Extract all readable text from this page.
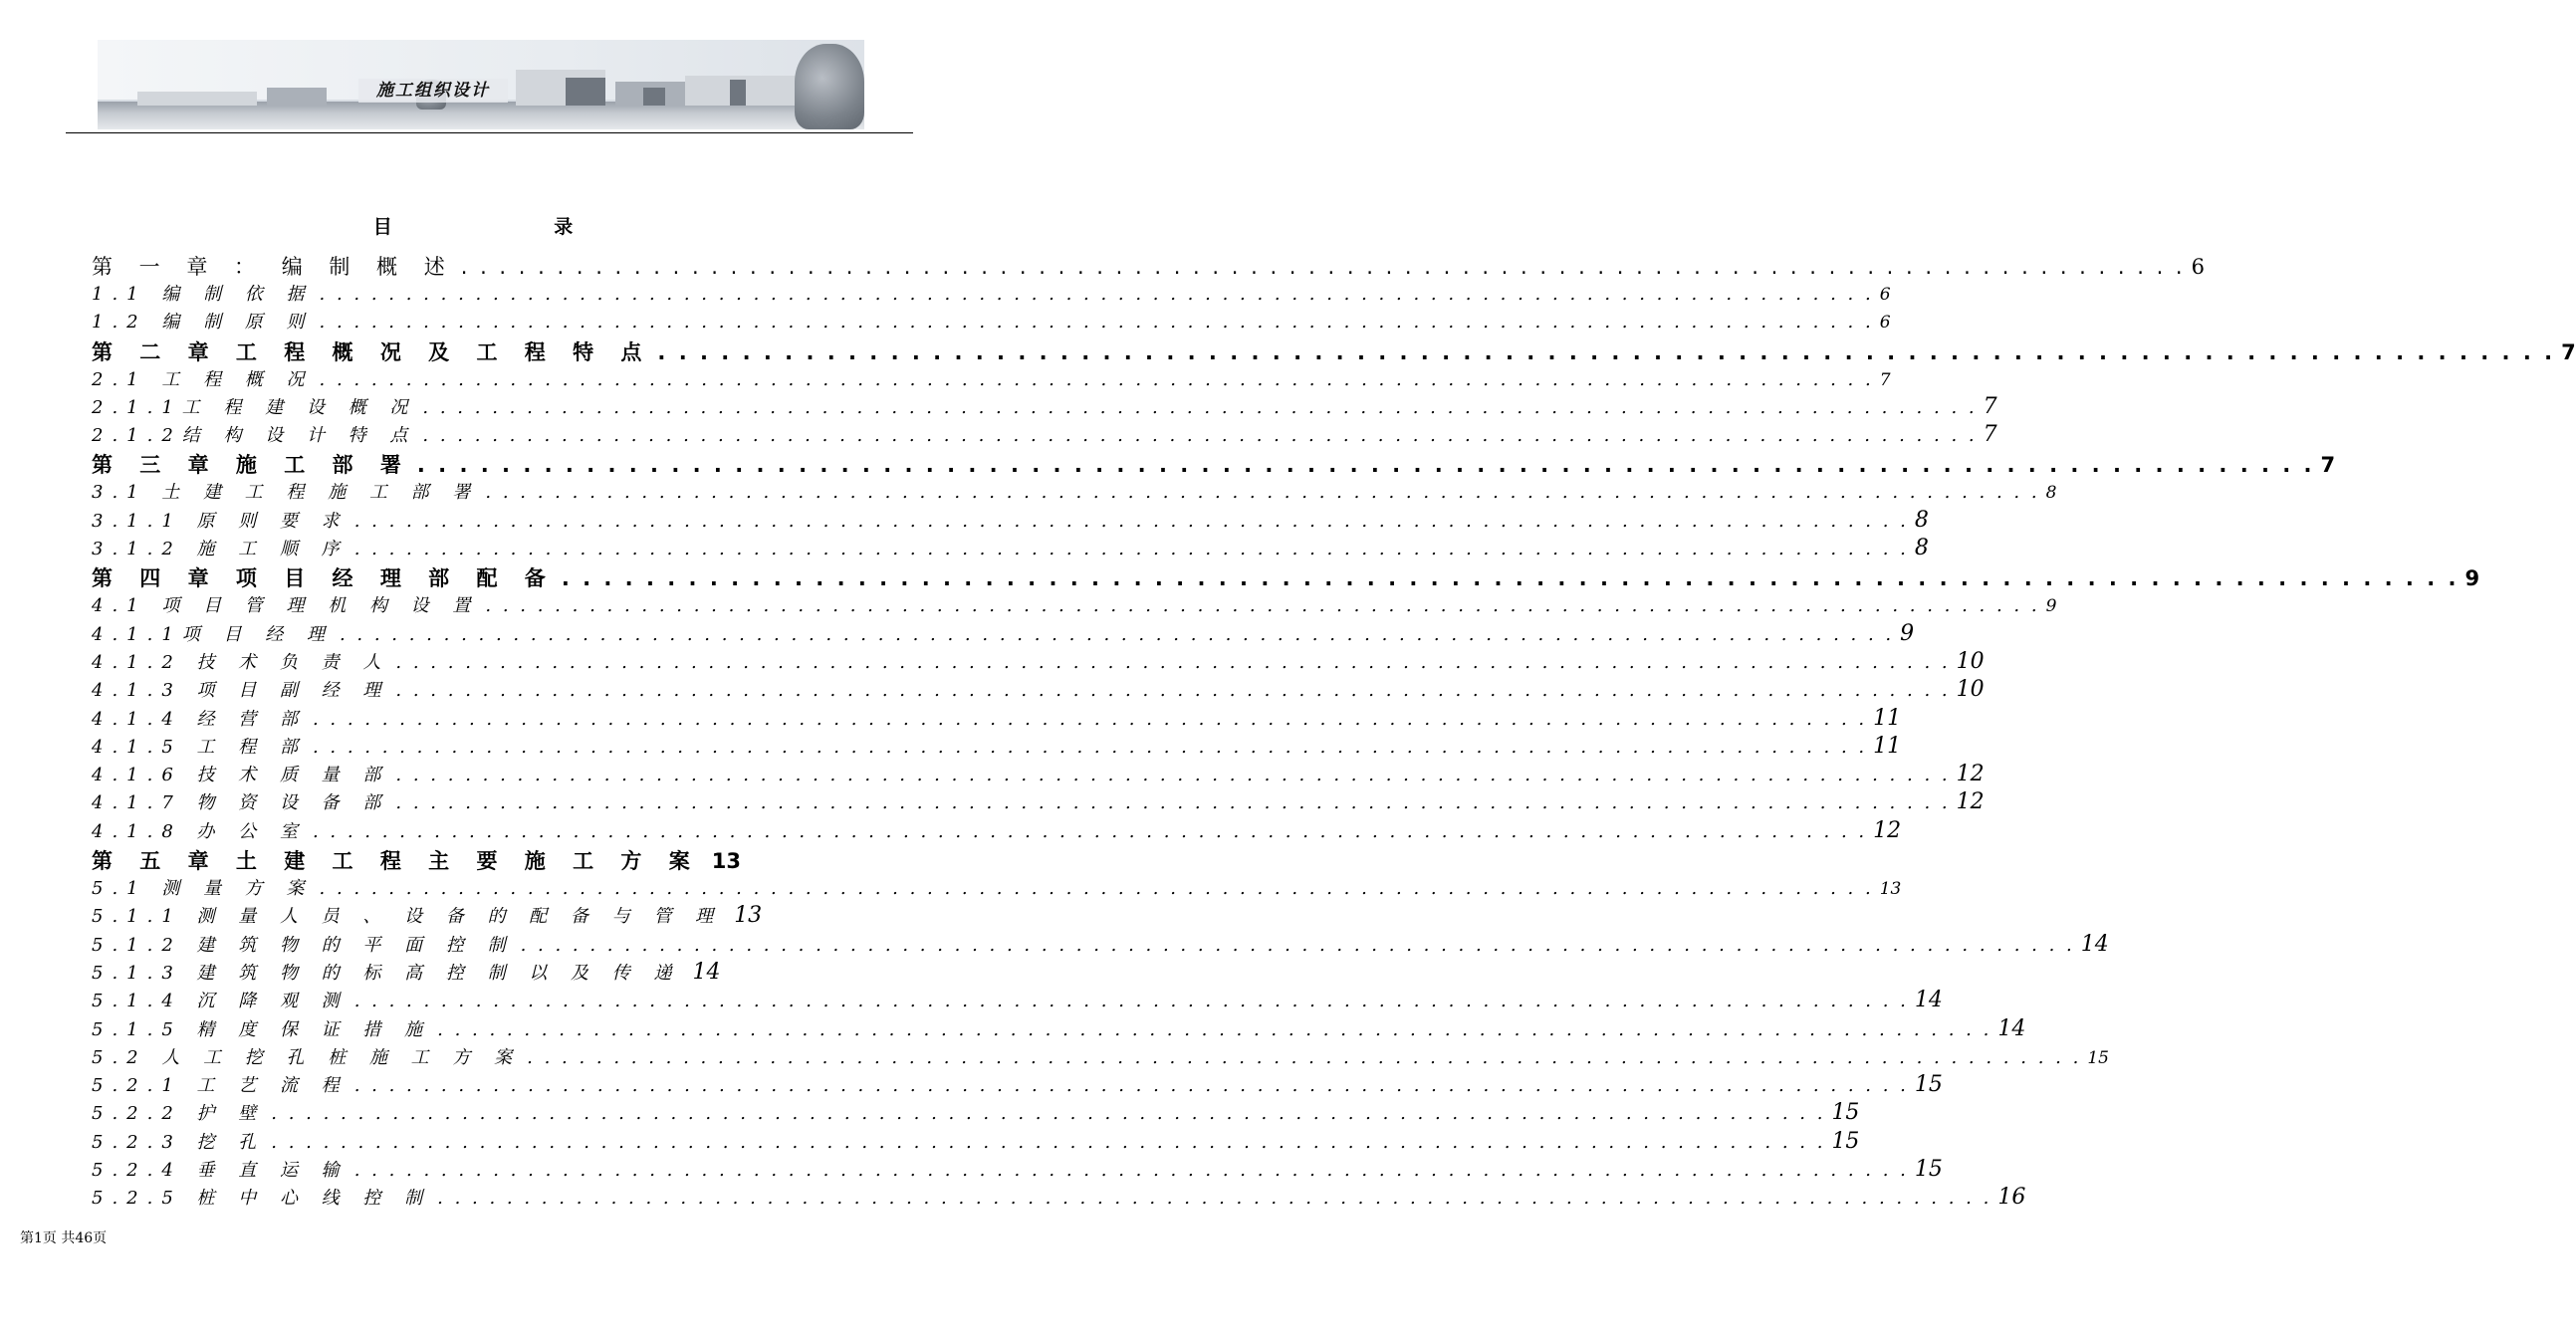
施工组织设计
目 录
第 一 章 ： 编 制 概 述 . . . . . . . . . . . . . . . . . . . . . . . . . . . . . . . . . . . . . . . . . . . . . . . . . . . . . . . . . . . . . . . . . . . . . . . . . . . . . . . . . . . . . . . . . . 6
1.1 编 制 依 据 . . . . . . . . . . . . . . . . . . . . . . . . . . . . . . . . . . . . . . . . . . . . . . . . . . . . . . . . . . . . . . . . . . . . . . . . . . . . . . . . . . . . . . . . . . 6
1.2 编 制 原 则 . . . . . . . . . . . . . . . . . . . . . . . . . . . . . . . . . . . . . . . . . . . . . . . . . . . . . . . . . . . . . . . . . . . . . . . . . . . . . . . . . . . . . . . . . . 6
第 二 章 工 程 概 况 及 工 程 特 点 . . . . . . . . . . . . . . . . . . . . . . . . . . . . . . . . . . . . . . . . . . . . . . . . . . . . . . . . . . . . . . . . . . . . . . . . . . . . . . . . . . . . . . . . . . 7
2.1 工 程 概 况 . . . . . . . . . . . . . . . . . . . . . . . . . . . . . . . . . . . . . . . . . . . . . . . . . . . . . . . . . . . . . . . . . . . . . . . . . . . . . . . . . . . . . . . . . . 7
2.1.1工 程 建 设 概 况 . . . . . . . . . . . . . . . . . . . . . . . . . . . . . . . . . . . . . . . . . . . . . . . . . . . . . . . . . . . . . . . . . . . . . . . . . . . . . . . . . . . . . . . . . . 7
2.1.2结 构 设 计 特 点 . . . . . . . . . . . . . . . . . . . . . . . . . . . . . . . . . . . . . . . . . . . . . . . . . . . . . . . . . . . . . . . . . . . . . . . . . . . . . . . . . . . . . . . . . . 7
第 三 章 施 工 部 署 . . . . . . . . . . . . . . . . . . . . . . . . . . . . . . . . . . . . . . . . . . . . . . . . . . . . . . . . . . . . . . . . . . . . . . . . . . . . . . . . . . . . . . . . . . 7
3.1 土 建 工 程 施 工 部 署 . . . . . . . . . . . . . . . . . . . . . . . . . . . . . . . . . . . . . . . . . . . . . . . . . . . . . . . . . . . . . . . . . . . . . . . . . . . . . . . . . . . . . . . . . . 8
3.1.1 原 则 要 求 . . . . . . . . . . . . . . . . . . . . . . . . . . . . . . . . . . . . . . . . . . . . . . . . . . . . . . . . . . . . . . . . . . . . . . . . . . . . . . . . . . . . . . . . . . 8
3.1.2 施 工 顺 序 . . . . . . . . . . . . . . . . . . . . . . . . . . . . . . . . . . . . . . . . . . . . . . . . . . . . . . . . . . . . . . . . . . . . . . . . . . . . . . . . . . . . . . . . . . 8
第 四 章 项 目 经 理 部 配 备 . . . . . . . . . . . . . . . . . . . . . . . . . . . . . . . . . . . . . . . . . . . . . . . . . . . . . . . . . . . . . . . . . . . . . . . . . . . . . . . . . . . . . . . . . . 9
4.1 项 目 管 理 机 构 设 置 . . . . . . . . . . . . . . . . . . . . . . . . . . . . . . . . . . . . . . . . . . . . . . . . . . . . . . . . . . . . . . . . . . . . . . . . . . . . . . . . . . . . . . . . . . 9
4.1.1项 目 经 理 . . . . . . . . . . . . . . . . . . . . . . . . . . . . . . . . . . . . . . . . . . . . . . . . . . . . . . . . . . . . . . . . . . . . . . . . . . . . . . . . . . . . . . . . . . 9
4.1.2 技 术 负 责 人 . . . . . . . . . . . . . . . . . . . . . . . . . . . . . . . . . . . . . . . . . . . . . . . . . . . . . . . . . . . . . . . . . . . . . . . . . . . . . . . . . . . . . . . . . . 10
4.1.3 项 目 副 经 理 . . . . . . . . . . . . . . . . . . . . . . . . . . . . . . . . . . . . . . . . . . . . . . . . . . . . . . . . . . . . . . . . . . . . . . . . . . . . . . . . . . . . . . . . . . 10
4.1.4 经 营 部 . . . . . . . . . . . . . . . . . . . . . . . . . . . . . . . . . . . . . . . . . . . . . . . . . . . . . . . . . . . . . . . . . . . . . . . . . . . . . . . . . . . . . . . . . . 11
4.1.5 工 程 部 . . . . . . . . . . . . . . . . . . . . . . . . . . . . . . . . . . . . . . . . . . . . . . . . . . . . . . . . . . . . . . . . . . . . . . . . . . . . . . . . . . . . . . . . . . 11
4.1.6 技 术 质 量 部 . . . . . . . . . . . . . . . . . . . . . . . . . . . . . . . . . . . . . . . . . . . . . . . . . . . . . . . . . . . . . . . . . . . . . . . . . . . . . . . . . . . . . . . . . . 12
4.1.7 物 资 设 备 部 . . . . . . . . . . . . . . . . . . . . . . . . . . . . . . . . . . . . . . . . . . . . . . . . . . . . . . . . . . . . . . . . . . . . . . . . . . . . . . . . . . . . . . . . . . 12
4.1.8 办 公 室 . . . . . . . . . . . . . . . . . . . . . . . . . . . . . . . . . . . . . . . . . . . . . . . . . . . . . . . . . . . . . . . . . . . . . . . . . . . . . . . . . . . . . . . . . . 12
第 五 章 土 建 工 程 主 要 施 工 方 案 13
5.1 测 量 方 案 . . . . . . . . . . . . . . . . . . . . . . . . . . . . . . . . . . . . . . . . . . . . . . . . . . . . . . . . . . . . . . . . . . . . . . . . . . . . . . . . . . . . . . . . . . 13
5.1.1 测 量 人 员 、 设 备 的 配 备 与 管 理 13
5.1.2 建 筑 物 的 平 面 控 制 . . . . . . . . . . . . . . . . . . . . . . . . . . . . . . . . . . . . . . . . . . . . . . . . . . . . . . . . . . . . . . . . . . . . . . . . . . . . . . . . . . . . . . . . . . 14
5.1.3 建 筑 物 的 标 高 控 制 以 及 传 递 14
5.1.4 沉 降 观 测 . . . . . . . . . . . . . . . . . . . . . . . . . . . . . . . . . . . . . . . . . . . . . . . . . . . . . . . . . . . . . . . . . . . . . . . . . . . . . . . . . . . . . . . . . . 14
5.1.5 精 度 保 证 措 施 . . . . . . . . . . . . . . . . . . . . . . . . . . . . . . . . . . . . . . . . . . . . . . . . . . . . . . . . . . . . . . . . . . . . . . . . . . . . . . . . . . . . . . . . . . 14
5.2 人 工 挖 孔 桩 施 工 方 案 . . . . . . . . . . . . . . . . . . . . . . . . . . . . . . . . . . . . . . . . . . . . . . . . . . . . . . . . . . . . . . . . . . . . . . . . . . . . . . . . . . . . . . . . . . 15
5.2.1 工 艺 流 程 . . . . . . . . . . . . . . . . . . . . . . . . . . . . . . . . . . . . . . . . . . . . . . . . . . . . . . . . . . . . . . . . . . . . . . . . . . . . . . . . . . . . . . . . . . 15
5.2.2 护 壁 . . . . . . . . . . . . . . . . . . . . . . . . . . . . . . . . . . . . . . . . . . . . . . . . . . . . . . . . . . . . . . . . . . . . . . . . . . . . . . . . . . . . . . . . . . 15
5.2.3 挖 孔 . . . . . . . . . . . . . . . . . . . . . . . . . . . . . . . . . . . . . . . . . . . . . . . . . . . . . . . . . . . . . . . . . . . . . . . . . . . . . . . . . . . . . . . . . . 15
5.2.4 垂 直 运 输 . . . . . . . . . . . . . . . . . . . . . . . . . . . . . . . . . . . . . . . . . . . . . . . . . . . . . . . . . . . . . . . . . . . . . . . . . . . . . . . . . . . . . . . . . . 15
5.2.5 桩 中 心 线 控 制 . . . . . . . . . . . . . . . . . . . . . . . . . . . . . . . . . . . . . . . . . . . . . . . . . . . . . . . . . . . . . . . . . . . . . . . . . . . . . . . . . . . . . . . . . . 16
第1页 共46页
